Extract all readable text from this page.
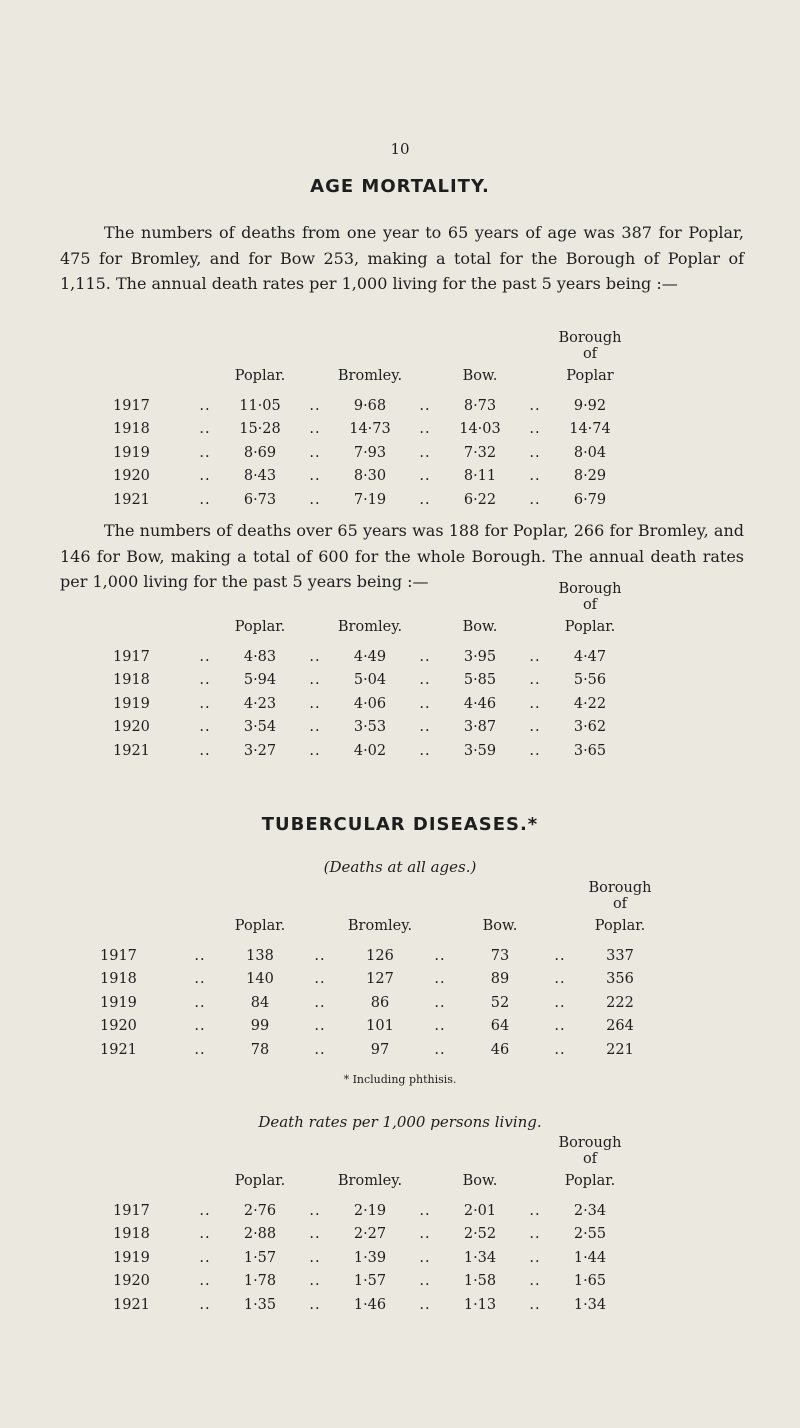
10
AGE MORTALITY.
The numbers of deaths from one year to 65 years of age was 387 for Poplar, 475 for Bromley, and for Bow 253, making a total for the Borough of Poplar of 1,115. The annual death rates per 1,000 living for the past 5 years being :—
								Borough of
		Poplar.		Bromley.		Bow.		Poplar
1917	..	11·05	..	9·68	..	8·73	..	9·92
1918	..	15·28	..	14·73	..	14·03	..	14·74
1919	..	8·69	..	7·93	..	7·32	..	8·04
1920	..	8·43	..	8·30	..	8·11	..	8·29
1921	..	6·73	..	7·19	..	6·22	..	6·79
The numbers of deaths over 65 years was 188 for Poplar, 266 for Bromley, and 146 for Bow, making a total of 600 for the whole Borough. The annual death rates per 1,000 living for the past 5 years being :—
									Borough of
		Poplar.		Bromley.		Bow.		Poplar.
1917	..	4·83	..	4·49	..	3·95	..	4·47
1918	..	5·94	..	5·04	..	5·85	..	5·56
1919	..	4·23	..	4·06	..	4·46	..	4·22
1920	..	3·54	..	3·53	..	3·87	..	3·62
1921	..	3·27	..	4·02	..	3·59	..	3·65
TUBERCULAR DISEASES.*
(Deaths at all ages.)
								Borough of
		Poplar.		Bromley.		Bow.		Poplar.
1917	..	138	..	126	..	73	..	337
1918	..	140	..	127	..	89	..	356
1919	..	84	..	86	..	52	..	222
1920	..	99	..	101	..	64	..	264
1921	..	78	..	97	..	46	..	221
* Including phthisis.
Death rates per 1,000 persons living.
								Borough of
		Poplar.		Bromley.		Bow.		Poplar.
1917	..	2·76	..	2·19	..	2·01	..	2·34
1918	..	2·88	..	2·27	..	2·52	..	2·55
1919	..	1·57	..	1·39	..	1·34	..	1·44
1920	..	1·78	..	1·57	..	1·58	..	1·65
1921	..	1·35	..	1·46	..	1·13	..	1·34
